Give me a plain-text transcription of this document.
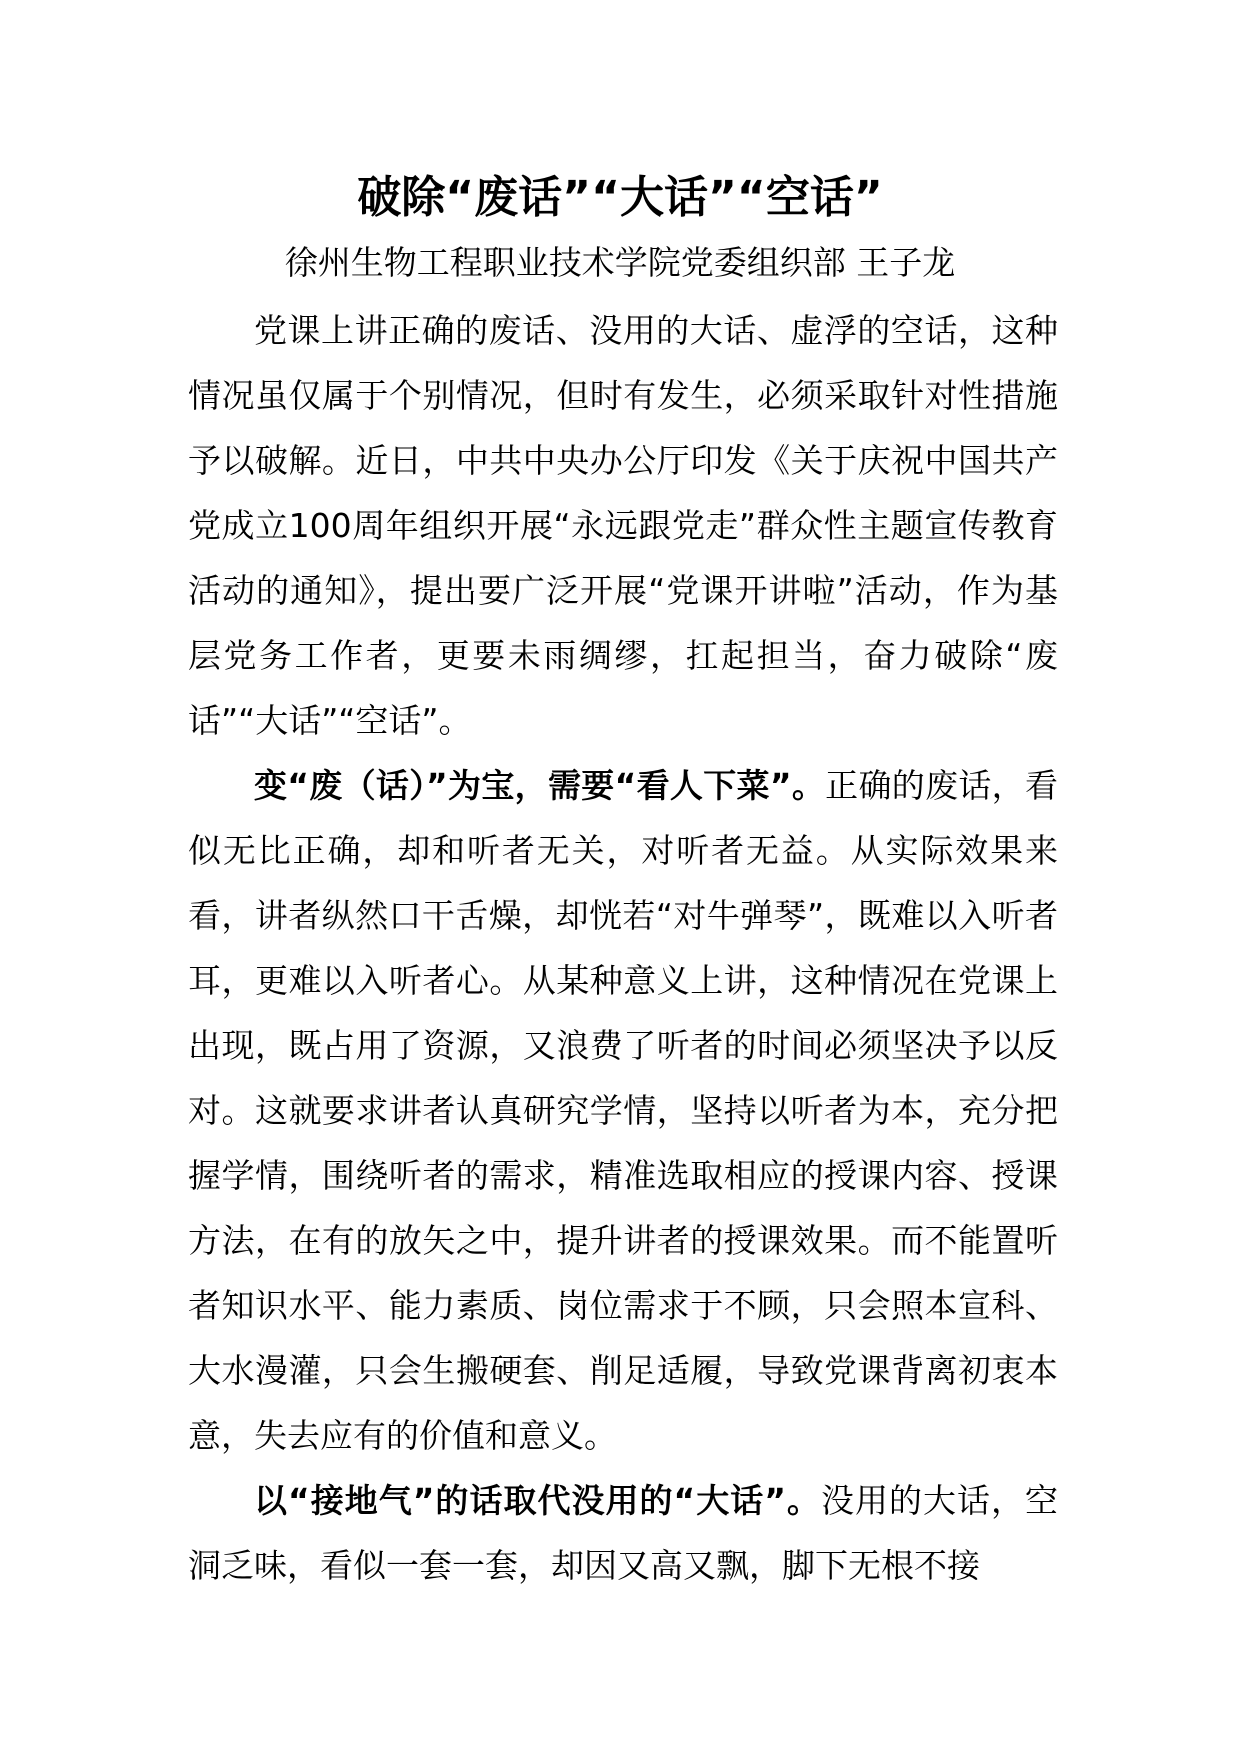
破除“废话”“大话”“空话”

徐州生物工程职业技术学院党委组织部 王子龙

党课上讲正确的废话、没用的大话、虚浮的空话，这种情况虽仅属于个别情况，但时有发生，必须采取针对性措施予以破解。近日，中共中央办公厅印发《关于庆祝中国共产党成立100周年组织开展“永远跟党走”群众性主题宣传教育活动的通知》，提出要广泛开展“党课开讲啦”活动，作为基层党务工作者，更要未雨绸缪，扛起担当，奋力破除“废话”“大话”“空话”。

变“废（话）”为宝，需要“看人下菜”。正确的废话，看似无比正确，却和听者无关，对听者无益。从实际效果来看，讲者纵然口干舌燥，却恍若“对牛弹琴”，既难以入听者耳，更难以入听者心。从某种意义上讲，这种情况在党课上出现，既占用了资源，又浪费了听者的时间必须坚决予以反对。这就要求讲者认真研究学情，坚持以听者为本，充分把握学情，围绕听者的需求，精准选取相应的授课内容、授课方法，在有的放矢之中，提升讲者的授课效果。而不能置听者知识水平、能力素质、岗位需求于不顾，只会照本宣科、大水漫灌，只会生搬硬套、削足适履，导致党课背离初衷本意，失去应有的价值和意义。

以“接地气”的话取代没用的“大话”。没用的大话，空洞乏味，看似一套一套，却因又高又飘，脚下无根不接
